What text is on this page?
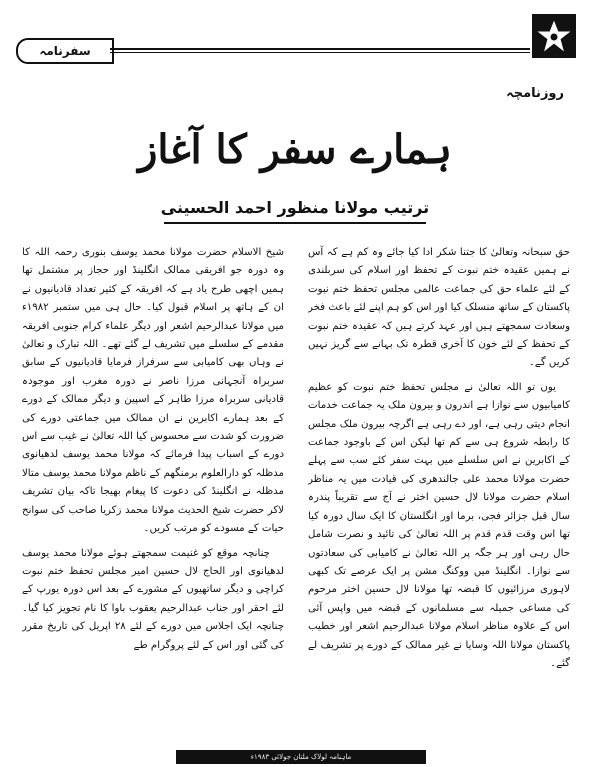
سفرنامہ
روزنامچہ
ہمارے سفر کا آغاز
ترتیب مولانا منظور احمد الحسینی

حق سبحانہ وتعالیٰ کا جتنا شکر ادا کیا جائے وہ کم ہے کہ آس نے ہمیں عقیدہ ختم نبوت کے تحفظ اور اسلام کی سربلندی کے لئے علماء حق کی جماعت عالمی مجلس تحفظ ختم نبوت پاکستان کے ساتھ منسلک کیا اور اس کو ہم اپنے لئے باعث فخر وسعادت سمجھتے ہیں اور عہد کرتے ہیں کہ عقیدہ ختم نبوت کے تحفظ کے لئے خون کا آخری قطرہ تک بہانے سے گریز نہیں کریں گے۔

یوں تو اللہ تعالیٰ نے مجلس تحفظ ختم نبوت کو عظیم کامیابیوں سے نوازا ہے اندرون و بیرون ملک یہ جماعت خدمات انجام دیتی رہی ہے، اور دے رہی ہے اگرچہ بیرون ملک مجلس کا رابطہ شروع ہی سے کم تھا لیکن اس کے باوجود جماعت کے اکابرین نے اس سلسلے میں بہت سفر کئے سب سے پہلے حضرت مولانا محمد علی جالندھری کی قیادت میں یہ مناظر اسلام حضرت مولانا لال حسین اختر نے آج سے تقریباً پندرہ سال قبل جزائر فجی، برما اور انگلستان کا ایک سال دورہ کیا تھا اس وقت قدم قدم پر اللہ تعالیٰ کی تائید و نصرت شامل حال رہی اور ہر جگہ پر اللہ تعالیٰ نے کامیابی کی سعادتوں سے نوازا۔ انگلینڈ میں ووکنگ مشن پر ایک عرصے تک کبھی لاہوری مرزائیوں کا قبضہ تھا مولانا لال حسین اختر مرحوم کی مساعی جمیلہ سے مسلمانوں کے قبضہ میں واپس آئی اس کے علاوہ مناظر اسلام مولانا عبدالرحیم اشعر اور خطیب پاکستان مولانا اللہ وسایا نے غیر ممالک کے دورے پر تشریف لے گئے۔

شیخ الاسلام حضرت مولانا محمد یوسف بنوری رحمہ اللہ کا وہ دورہ جو افریقی ممالک انگلینڈ اور حجاز پر مشتمل تھا ہمیں اچھی طرح یاد ہے کہ افریقہ کے کثیر تعداد قادیانیوں نے ان کے ہاتھ پر اسلام قبول کیا۔ حال ہی میں ستمبر ۱۹۸۲ء میں مولانا عبدالرحیم اشعر اور دیگر علماء کرام جنوبی افریقہ مقدمے کے سلسلے میں تشریف لے گئے تھے۔ اللہ تبارک و تعالیٰ نے وہاں بھی کامیابی سے سرفراز فرمایا قادیانیوں کے سابق سربراہ آنجہانی مرزا ناصر نے دورہ مغرب اور موجودہ قادیانی سربراہ مرزا طاہر کے اسپین و دیگر ممالک کے دورے کے بعد ہمارے اکابرین نے ان ممالک میں جماعتی دورے کی ضرورت کو شدت سے محسوس کیا اللہ تعالیٰ نے غیب سے اس دورے کے اسباب پیدا فرمائے کہ مولانا محمد یوسف لدھیانوی مدظلہ کو دارالعلوم برمنگھم کے ناظم مولانا محمد یوسف متالا مدظلہ نے انگلینڈ کی دعوت کا پیغام بھیجا تاکہ بیان تشریف لاکر حضرت شیخ الحدیث مولانا محمد زکریا صاحب کی سوانح حیات کے مسودے کو مرتب کریں۔

چنانچہ موقع کو غنیمت سمجھتے ہوئے مولانا محمد یوسف لدھیانوی اور الحاج لال حسین امیر مجلس تحفظ ختم نبوت کراچی و دیگر ساتھیوں کے مشورے کے بعد اس دورہ یورپ کے لئے احقر اور جناب عبدالرحیم یعقوب باوا کا نام تجویز کیا گیا۔ چنانچہ ایک اجلاس میں دورے کے لئے ۲۸ اپریل کی تاریخ مقرر کی گئی اور اس کے لئے پروگرام طے

ماہنامہ لولاک ملتان جولائی ۱۹۸۳ء
